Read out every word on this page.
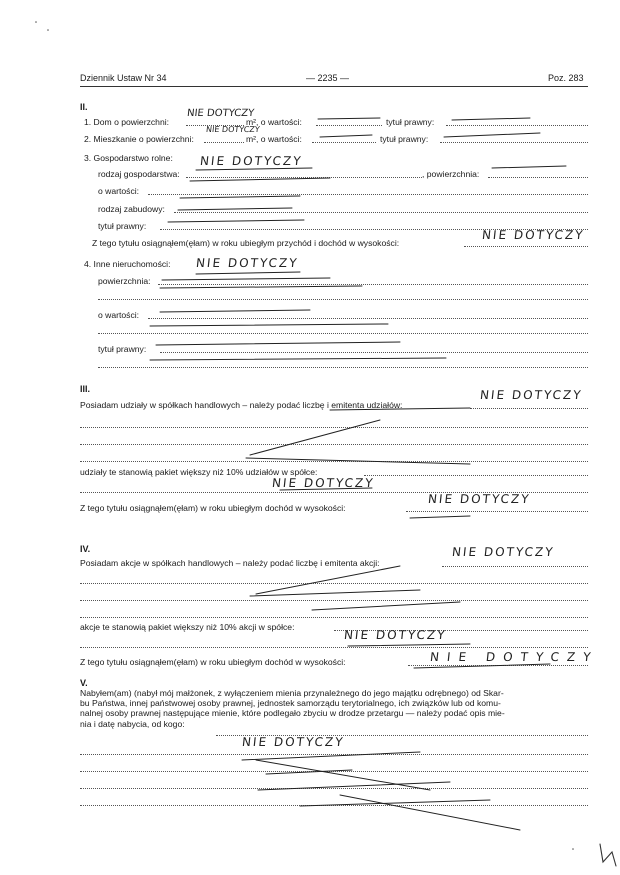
Dziennik Ustaw Nr 34	— 2235 —	Poz. 283
II.
1. Dom o powierzchni:
NIE DOTYCZY
m², o wartości:	tytuł prawny:
2. Mieszkanie o powierzchni:
NIE DOTYCZY
m², o wartości:	tytuł prawny:
3. Gospodarstwo rolne: NIE DOTYCZY
rodzaj gospodarstwa:	, powierzchnia:
o wartości:
rodzaj zabudowy:
tytuł prawny:
Z tego tytułu osiągnąłem(ęłam) w roku ubiegłym przychód i dochód w wysokości:
NIE DOTYCZY
4. Inne nieruchomości: NIE DOTYCZY
powierzchnia:
o wartości:
tytuł prawny:
III.
Posiadam udziały w spółkach handlowych – należy podać liczbę i emitenta udziałów:
NIE DOTYCZY
udziały te stanowią pakiet większy niż 10% udziałów w spółce:
NIE DOTYCZY
Z tego tytułu osiągnąłem(ęłam) w roku ubiegłym dochód w wysokości:
NIE DOTYCZY
IV.
Posiadam akcje w spółkach handlowych – należy podać liczbę i emitenta akcji:
NIE DOTYCZY
akcje te stanowią pakiet większy niż 10% akcji w spółce:
NIE DOTYCZY
Z tego tytułu osiągnąłem(ęłam) w roku ubiegłym dochód w wysokości:	NIE DOTYCZY
V.
Nabyłem(am) (nabył mój małżonek, z wyłączeniem mienia przynależnego do jego majątku odrębnego) od Skar-
bu Państwa, innej państwowej osoby prawnej, jednostek samorządu terytorialnego, ich związków lub od komu-
nalnej osoby prawnej następujące mienie, które podlegało zbyciu w drodze przetargu — należy podać opis mie-
nia i datę nabycia, od kogo:
NIE DOTYCZY
